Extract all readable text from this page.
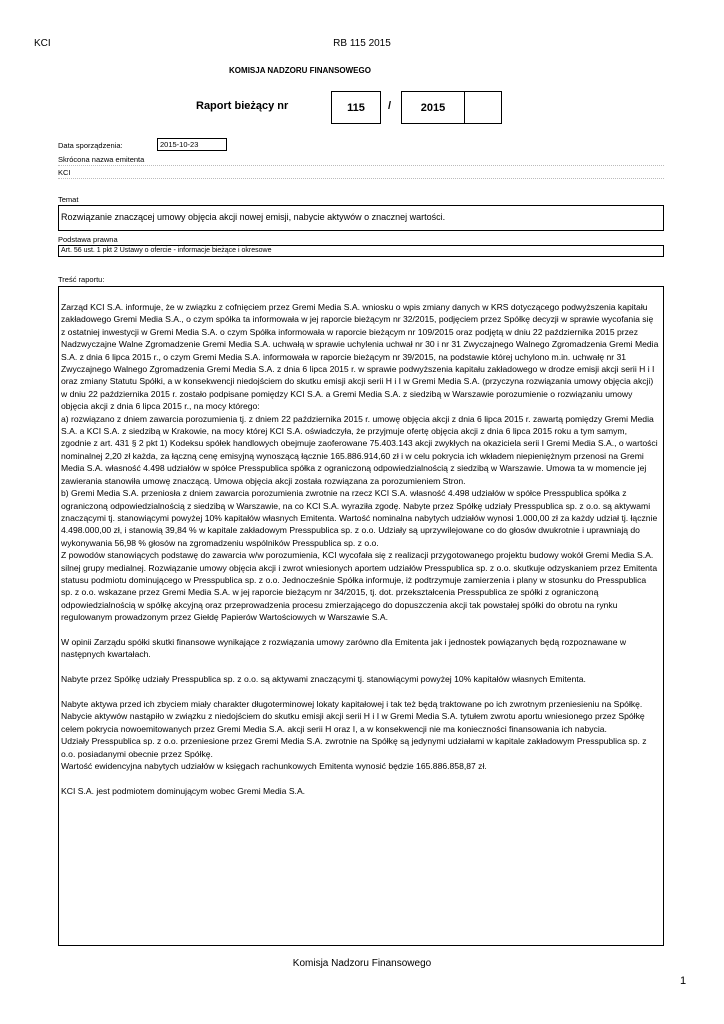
KCI	RB 115 2015
KOMISJA NADZORU FINANSOWEGO
Raport bieżący nr	115 /	2015
Data sporządzenia:	2015-10-23
Skrócona nazwa emitenta
KCI
Temat
Rozwiązanie znaczącej umowy objęcia akcji nowej emisji, nabycie aktywów o znacznej wartości.
Podstawa prawna
Art. 56 ust. 1 pkt 2 Ustawy o ofercie - informacje bieżące i okresowe
Treść raportu:

Zarząd KCI S.A. informuje, że w związku z cofnięciem przez Gremi Media S.A. wniosku o wpis zmiany danych w KRS dotyczącego podwyższenia kapitału zakładowego Gremi Media S.A., o czym spółka ta informowała w jej raporcie bieżącym nr 32/2015, podjęciem przez Spółkę decyzji w sprawie wycofania się z ostatniej inwestycji w Gremi Media S.A. o czym Spółka informowała w raporcie bieżącym nr 109/2015 oraz podjętą w dniu 22 października 2015 przez Nadzwyczajne Walne Zgromadzenie Gremi Media S.A. uchwałą w sprawie uchylenia uchwał nr 30 i nr 31 Zwyczajnego Walnego Zgromadzenia Gremi Media S.A. z dnia 6 lipca 2015 r., o czym Gremi Media S.A. informowała w raporcie bieżącym nr 39/2015, na podstawie której uchylono m.in. uchwałę nr 31 Zwyczajnego Walnego Zgromadzenia Gremi Media S.A. z dnia 6 lipca 2015 r. w sprawie podwyższenia kapitału zakładowego w drodze emisji akcji serii H i I oraz zmiany Statutu Spółki, a w konsekwencji niedojściem do skutku emisji akcji serii H i I w Gremi Media S.A. (przyczyna rozwiązania umowy objęcia akcji) w dniu 22 października 2015 r. zostało podpisane pomiędzy KCI S.A. a Gremi Media S.A. z siedzibą w Warszawie porozumienie o rozwiązaniu umowy objęcia akcji z dnia 6 lipca 2015 r., na mocy którego:
a) rozwiązano z dniem zawarcia porozumienia tj. z dniem 22 października 2015 r. umowę objęcia akcji z dnia 6 lipca 2015 r. zawartą pomiędzy Gremi Media S.A. a KCI S.A. z siedzibą w Krakowie, na mocy której KCI S.A. oświadczyła, że przyjmuje ofertę objęcia akcji z dnia 6 lipca 2015 roku a tym samym, zgodnie z art. 431 § 2 pkt 1) Kodeksu spółek handlowych obejmuje zaoferowane 75.403.143 akcji zwykłych na okaziciela serii I Gremi Media S.A., o wartości nominalnej 2,20 zł każda, za łączną cenę emisyjną wynoszącą łącznie 165.886.914,60 zł i w celu pokrycia ich wkładem niepieniężnym przenosi na Gremi Media S.A. własność 4.498 udziałów w spółce Presspublica spółka z ograniczoną odpowiedzialnością z siedzibą w Warszawie. Umowa ta w momencie jej zawierania stanowiła umowę znaczącą. Umowa objęcia akcji została rozwiązana za porozumieniem Stron.
b) Gremi Media S.A. przeniosła z dniem zawarcia porozumienia zwrotnie na rzecz KCI S.A. własność 4.498 udziałów w spółce Presspublica spółka z ograniczoną odpowiedzialnością z siedzibą w Warszawie, na co KCI S.A. wyraziła zgodę. Nabyte przez Spółkę udziały Presspublica sp. z o.o. są aktywami znaczącymi tj. stanowiącymi powyżej 10% kapitałów własnych Emitenta. Wartość nominalna nabytych udziałów wynosi 1.000,00 zł za każdy udział tj. łącznie 4.498.000,00 zł, i stanowią 39,84 % w kapitale zakładowym Presspublica sp. z o.o. Udziały są uprzywilejowane co do głosów dwukrotnie i uprawniają do wykonywania 56,98 % głosów na zgromadzeniu wspólników Presspublica sp. z o.o.
Z powodów stanowiących podstawę do zawarcia w/w porozumienia, KCI wycofała się z realizacji przygotowanego projektu budowy wokół Gremi Media S.A. silnej grupy medialnej. Rozwiązanie umowy objęcia akcji i zwrot wniesionych aportem udziałów Presspublica sp. z o.o. skutkuje odzyskaniem przez Emitenta statusu podmiotu dominującego w Presspublica sp. z o.o. Jednocześnie Spółka informuje, iż podtrzymuje zamierzenia i plany w stosunku do Presspublica sp. z o.o. wskazane przez Gremi Media S.A. w jej raporcie bieżącym nr 34/2015, tj. dot. przekształcenia Presspublica ze spółki z ograniczoną odpowiedzialnością w spółkę akcyjną oraz przeprowadzenia procesu zmierzającego do dopuszczenia akcji tak powstałej spółki do obrotu na rynku regulowanym prowadzonym przez Giełdę Papierów Wartościowych w Warszawie S.A.

W opinii Zarządu spółki skutki finansowe wynikające z rozwiązania umowy zarówno dla Emitenta jak i jednostek powiązanych będą rozpoznawane w następnych kwartałach.

Nabyte przez Spółkę udziały Presspublica sp. z o.o. są aktywami znaczącymi tj. stanowiącymi powyżej 10% kapitałów własnych Emitenta.

Nabyte aktywa przed ich zbyciem miały charakter długoterminowej lokaty kapitałowej i tak też będą traktowane po ich zwrotnym przeniesieniu na Spółkę. Nabycie aktywów nastąpiło w związku z niedojściem do skutku emisji akcji serii H i I w Gremi Media S.A. tytułem zwrotu aportu wniesionego przez Spółkę celem pokrycia nowoemitowanych przez Gremi Media S.A. akcji serii H oraz I, a w konsekwencji nie ma konieczności finansowania ich nabycia.
Udziały Presspublica sp. z o.o. przeniesione przez Gremi Media S.A. zwrotnie na Spółkę są jedynymi udziałami w kapitale zakładowym Presspublica sp. z o.o. posiadanymi obecnie przez Spółkę.
Wartość ewidencyjna nabytych udziałów w księgach rachunkowych Emitenta wynosić będzie 165.886.858,87 zł.

KCI S.A. jest podmiotem dominującym wobec Gremi Media S.A.

Komisja Nadzoru Finansowego
1
